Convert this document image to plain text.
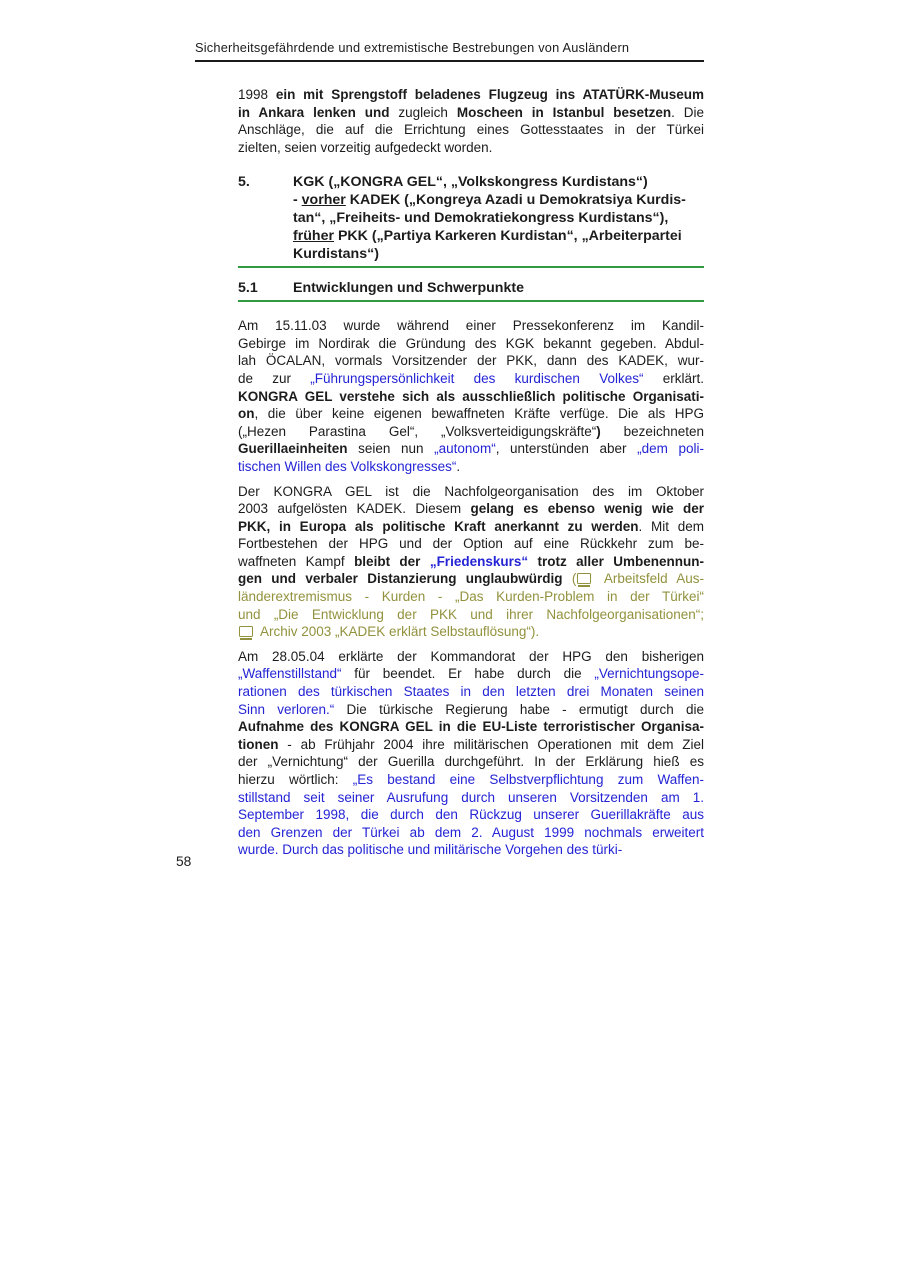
Sicherheitsgefährdende und extremistische Bestrebungen von Ausländern
1998 ein mit Sprengstoff beladenes Flugzeug ins ATATÜRK-Museum
in Ankara lenken und zugleich Moscheen in Istanbul besetzen. Die
Anschläge, die auf die Errichtung eines Gottesstaates in der Türkei
zielten, seien vorzeitig aufgedeckt worden.
5.	KGK („KONGRA GEL“, „Volkskongress Kurdistans“)
- vorher KADEK („Kongreya Azadi u Demokratsiya Kurdis-
tan“, „Freiheits- und Demokratiekongress Kurdistans“),
früher PKK („Partiya Karkeren Kurdistan“, „Arbeiterpartei
Kurdistans“)
5.1	Entwicklungen und Schwerpunkte
Am 15.11.03 wurde während einer Pressekonferenz im Kandil-
Gebirge im Nordirak die Gründung des KGK bekannt gegeben. Abdul-
lah ÖCALAN, vormals Vorsitzender der PKK, dann des KADEK, wur-
de zur „Führungspersönlichkeit des kurdischen Volkes“ erklärt.
KONGRA GEL verstehe sich als ausschließlich politische Organisati-
on, die über keine eigenen bewaffneten Kräfte verfüge. Die als HPG
(„Hezen Parastina Gel“, „Volksverteidigungskräfte“) bezeichneten
Guerillaeinheiten seien nun „autonom“, unterstünden aber „dem poli-
tischen Willen des Volkskongresses“.
Der KONGRA GEL ist die Nachfolgeorganisation des im Oktober
2003 aufgelösten KADEK. Diesem gelang es ebenso wenig wie der
PKK, in Europa als politische Kraft anerkannt zu werden. Mit dem
Fortbestehen der HPG und der Option auf eine Rückkehr zum be-
waffneten Kampf bleibt der „Friedenskurs“ trotz aller Umbenennun-
gen und verbaler Distanzierung unglaubwürdig ( Arbeitsfeld Aus-
länderextremismus - Kurden - „Das Kurden-Problem in der Türkei“
und „Die Entwicklung der PKK und ihrer Nachfolgeorganisationen“;
Archiv 2003 „KADEK erklärt Selbstauflösung“).
Am 28.05.04 erklärte der Kommandorat der HPG den bisherigen
„Waffenstillstand“ für beendet. Er habe durch die „Vernichtungsope-
rationen des türkischen Staates in den letzten drei Monaten seinen
Sinn verloren.“ Die türkische Regierung habe - ermutigt durch die
Aufnahme des KONGRA GEL in die EU-Liste terroristischer Organisa-
tionen - ab Frühjahr 2004 ihre militärischen Operationen mit dem Ziel
der „Vernichtung“ der Guerilla durchgeführt. In der Erklärung hieß es
hierzu wörtlich: „Es bestand eine Selbstverpflichtung zum Waffen-
stillstand seit seiner Ausrufung durch unseren Vorsitzenden am 1.
September 1998, die durch den Rückzug unserer Guerillakräfte aus
den Grenzen der Türkei ab dem 2. August 1999 nochmals erweitert
wurde. Durch das politische und militärische Vorgehen des türki-
58
